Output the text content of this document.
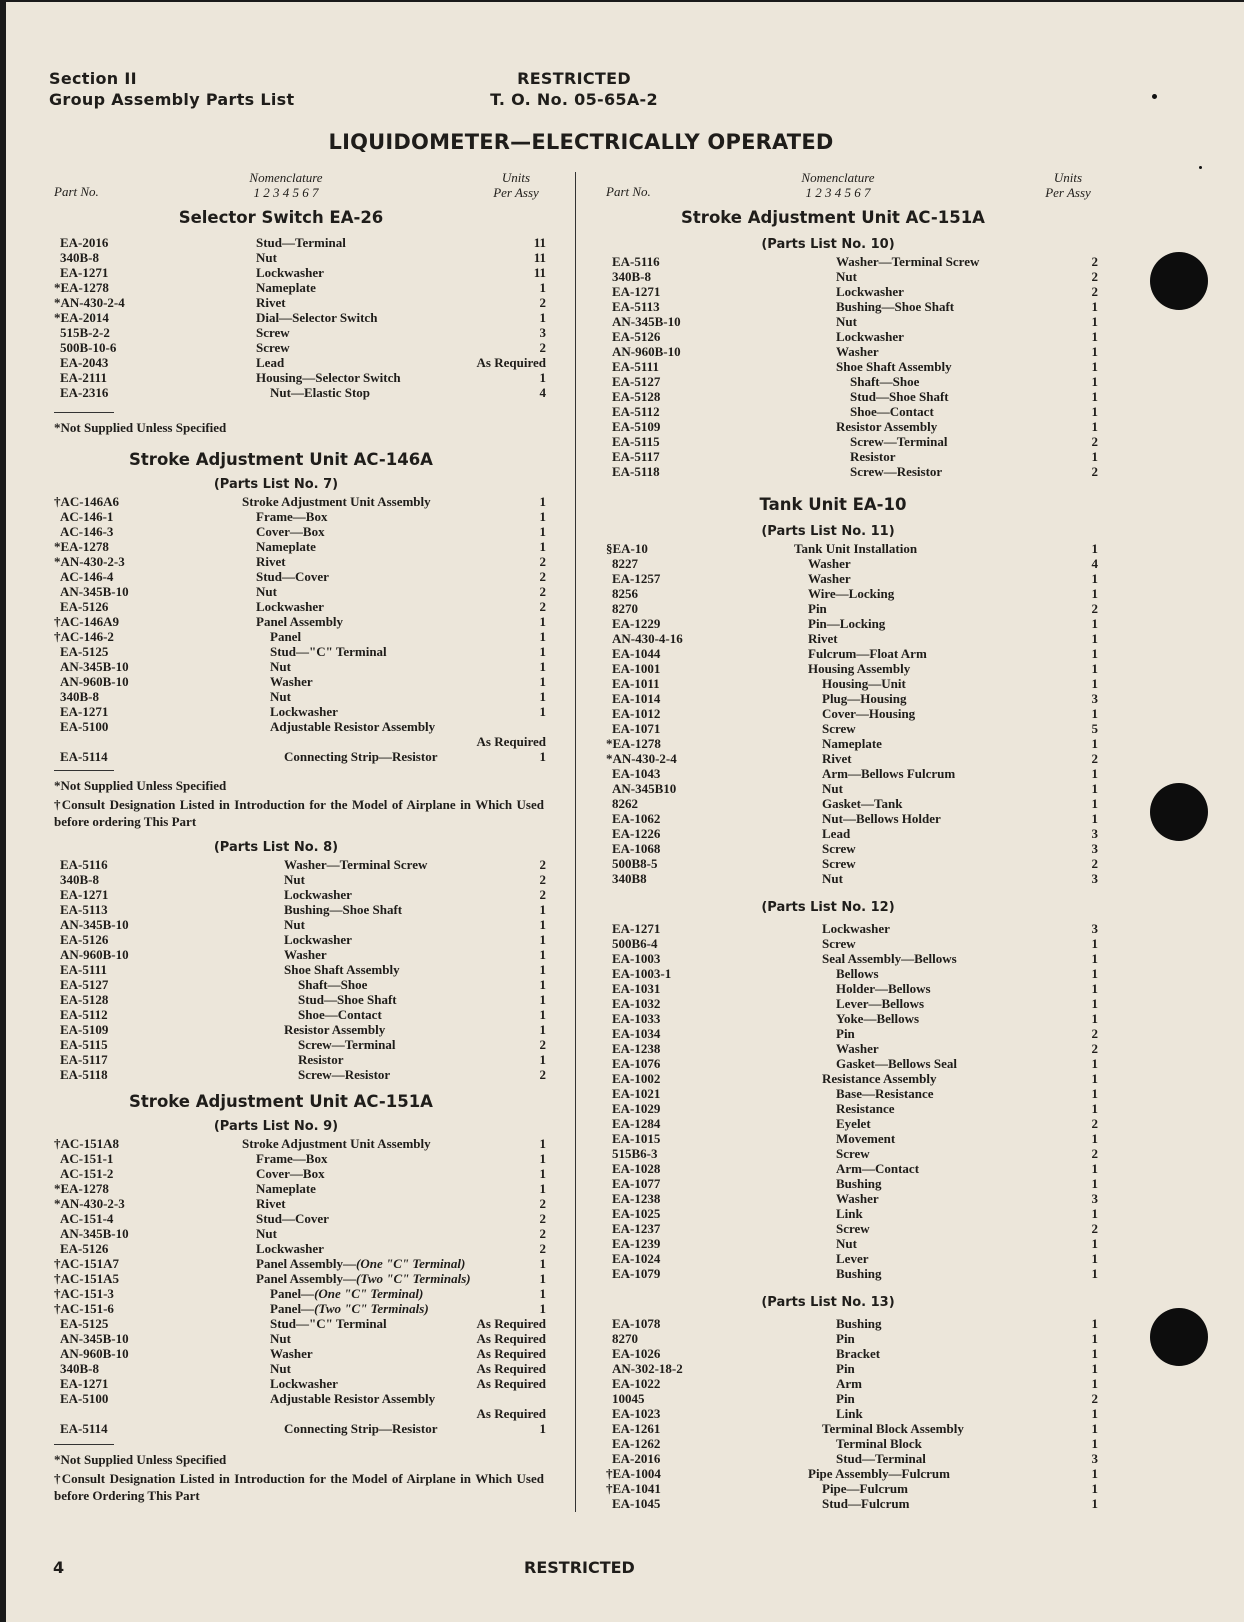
Section II
Group Assembly Parts List
RESTRICTED
T. O. No. 05-65A-2
LIQUIDOMETER—ELECTRICALLY OPERATED
Part No.
Nomenclature
1 2 3 4 5 6 7
Units
Per Assy
Selector Switch EA-26
EA-2016	Stud—Terminal	11
340B-8	Nut	11
EA-1271	Lockwasher	11
*EA-1278	Nameplate	1
*AN-430-2-4	Rivet	2
*EA-2014	Dial—Selector Switch	1
515B-2-2	Screw	3
500B-10-6	Screw	2
EA-2043	Lead	As Required
EA-2111	Housing—Selector Switch	1
EA-2316	Nut—Elastic Stop	4
*Not Supplied Unless Specified
Stroke Adjustment Unit AC-146A
(Parts List No. 7)
†AC-146A6	Stroke Adjustment Unit Assembly	1
AC-146-1	Frame—Box	1
AC-146-3	Cover—Box	1
*EA-1278	Nameplate	1
*AN-430-2-3	Rivet	2
AC-146-4	Stud—Cover	2
AN-345B-10	Nut	2
EA-5126	Lockwasher	2
†AC-146A9	Panel Assembly	1
†AC-146-2	Panel	1
EA-5125	Stud—"C" Terminal	1
AN-345B-10	Nut	1
AN-960B-10	Washer	1
340B-8	Nut	1
EA-1271	Lockwasher	1
EA-5100	Adjustable Resistor Assembly
As Required
EA-5114	Connecting Strip—Resistor	1
*Not Supplied Unless Specified
†Consult Designation Listed in Introduction for the Model of Airplane in Which Used before ordering This Part
(Parts List No. 8)
EA-5116	Washer—Terminal Screw	2
340B-8	Nut	2
EA-1271	Lockwasher	2
EA-5113	Bushing—Shoe Shaft	1
AN-345B-10	Nut	1
EA-5126	Lockwasher	1
AN-960B-10	Washer	1
EA-5111	Shoe Shaft Assembly	1
EA-5127	Shaft—Shoe	1
EA-5128	Stud—Shoe Shaft	1
EA-5112	Shoe—Contact	1
EA-5109	Resistor Assembly	1
EA-5115	Screw—Terminal	2
EA-5117	Resistor	1
EA-5118	Screw—Resistor	2
Stroke Adjustment Unit AC-151A
(Parts List No. 9)
†AC-151A8	Stroke Adjustment Unit Assembly	1
AC-151-1	Frame—Box	1
AC-151-2	Cover—Box	1
*EA-1278	Nameplate	1
*AN-430-2-3	Rivet	2
AC-151-4	Stud—Cover	2
AN-345B-10	Nut	2
EA-5126	Lockwasher	2
†AC-151A7	Panel Assembly—(One "C" Terminal)	1
†AC-151A5	Panel Assembly—(Two "C" Terminals)	1
†AC-151-3	Panel—(One "C" Terminal)	1
†AC-151-6	Panel—(Two "C" Terminals)	1
EA-5125	Stud—"C" Terminal	As Required
AN-345B-10	Nut	As Required
AN-960B-10	Washer	As Required
340B-8	Nut	As Required
EA-1271	Lockwasher	As Required
EA-5100	Adjustable Resistor Assembly
As Required
EA-5114	Connecting Strip—Resistor	1
*Not Supplied Unless Specified
†Consult Designation Listed in Introduction for the Model of Airplane in Which Used before Ordering This Part
Part No.
Nomenclature
1 2 3 4 5 6 7
Units
Per Assy
Stroke Adjustment Unit AC-151A
(Parts List No. 10)
EA-5116	Washer—Terminal Screw	2
340B-8	Nut	2
EA-1271	Lockwasher	2
EA-5113	Bushing—Shoe Shaft	1
AN-345B-10	Nut	1
EA-5126	Lockwasher	1
AN-960B-10	Washer	1
EA-5111	Shoe Shaft Assembly	1
EA-5127	Shaft—Shoe	1
EA-5128	Stud—Shoe Shaft	1
EA-5112	Shoe—Contact	1
EA-5109	Resistor Assembly	1
EA-5115	Screw—Terminal	2
EA-5117	Resistor	1
EA-5118	Screw—Resistor	2
Tank Unit EA-10
(Parts List No. 11)
§EA-10	Tank Unit Installation	1
8227	Washer	4
EA-1257	Washer	1
8256	Wire—Locking	1
8270	Pin	2
EA-1229	Pin—Locking	1
AN-430-4-16	Rivet	1
EA-1044	Fulcrum—Float Arm	1
EA-1001	Housing Assembly	1
EA-1011	Housing—Unit	1
EA-1014	Plug—Housing	3
EA-1012	Cover—Housing	1
EA-1071	Screw	5
*EA-1278	Nameplate	1
*AN-430-2-4	Rivet	2
EA-1043	Arm—Bellows Fulcrum	1
AN-345B10	Nut	1
8262	Gasket—Tank	1
EA-1062	Nut—Bellows Holder	1
EA-1226	Lead	3
EA-1068	Screw	3
500B8-5	Screw	2
340B8	Nut	3
(Parts List No. 12)
EA-1271	Lockwasher	3
500B6-4	Screw	1
EA-1003	Seal Assembly—Bellows	1
EA-1003-1	Bellows	1
EA-1031	Holder—Bellows	1
EA-1032	Lever—Bellows	1
EA-1033	Yoke—Bellows	1
EA-1034	Pin	2
EA-1238	Washer	2
EA-1076	Gasket—Bellows Seal	1
EA-1002	Resistance Assembly	1
EA-1021	Base—Resistance	1
EA-1029	Resistance	1
EA-1284	Eyelet	2
EA-1015	Movement	1
515B6-3	Screw	2
EA-1028	Arm—Contact	1
EA-1077	Bushing	1
EA-1238	Washer	3
EA-1025	Link	1
EA-1237	Screw	2
EA-1239	Nut	1
EA-1024	Lever	1
EA-1079	Bushing	1
(Parts List No. 13)
EA-1078	Bushing	1
8270	Pin	1
EA-1026	Bracket	1
AN-302-18-2	Pin	1
EA-1022	Arm	1
10045	Pin	2
EA-1023	Link	1
EA-1261	Terminal Block Assembly	1
EA-1262	Terminal Block	1
EA-2016	Stud—Terminal	3
†EA-1004	Pipe Assembly—Fulcrum	1
†EA-1041	Pipe—Fulcrum	1
EA-1045	Stud—Fulcrum	1
4	RESTRICTED
